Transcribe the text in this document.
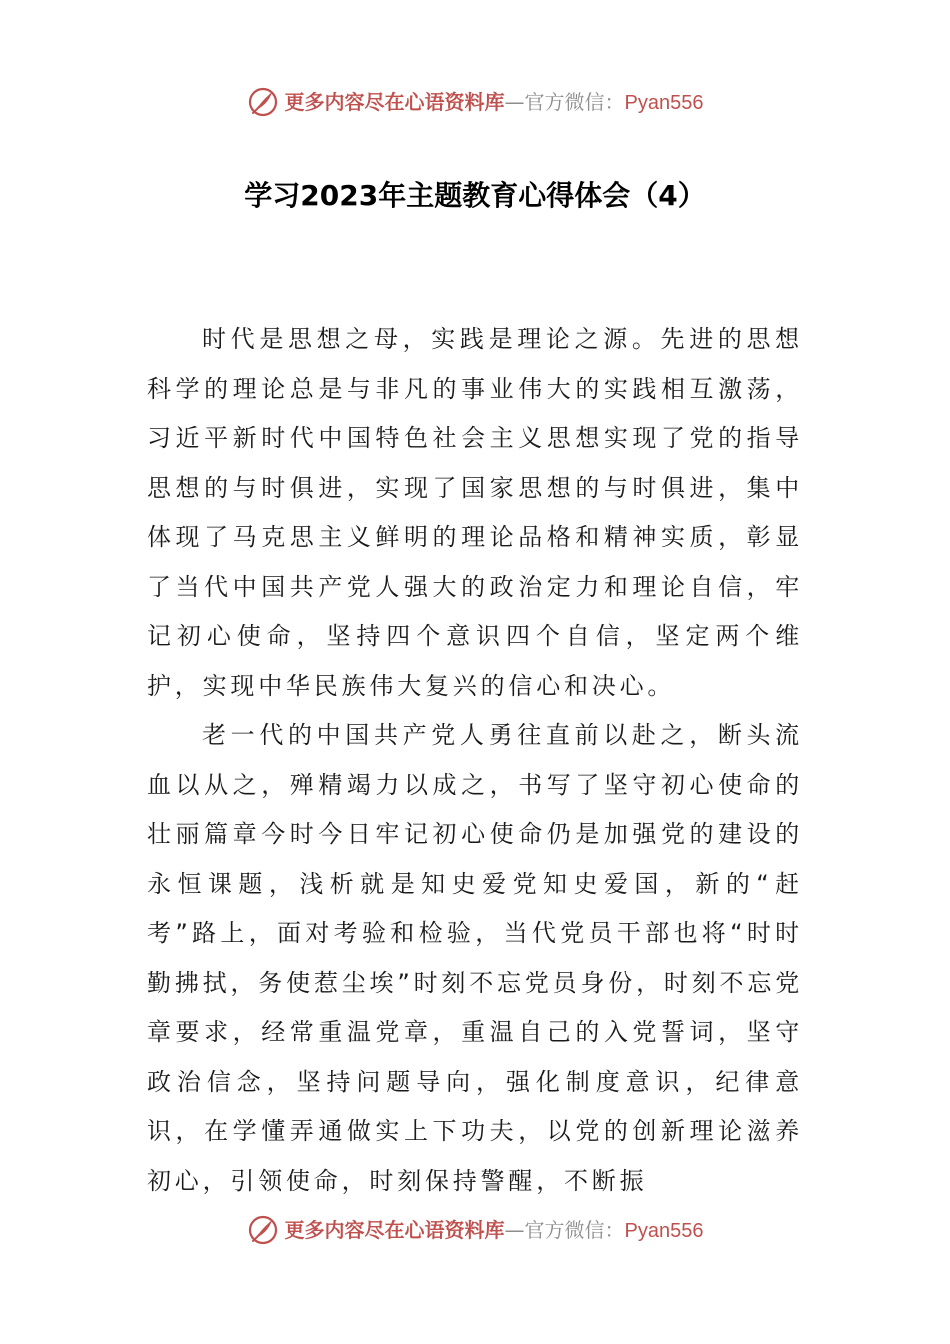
更多内容尽在心语资料库 — 官方微信： Pyan556
学习2023年主题教育心得体会（4）

时代是思想之母，实践是理论之源。先进的思想科学的理论总是与非凡的事业伟大的实践相互激荡，习近平新时代中国特色社会主义思想实现了党的指导思想的与时俱进，实现了国家思想的与时俱进，集中体现了马克思主义鲜明的理论品格和精神实质，彰显了当代中国共产党人强大的政治定力和理论自信，牢记初心使命，坚持四个意识四个自信，坚定两个维护，实现中华民族伟大复兴的信心和决心。

老一代的中国共产党人勇往直前以赴之，断头流血以从之，殚精竭力以成之，书写了坚守初心使命的壮丽篇章今时今日牢记初心使命仍是加强党的建设的永恒课题，浅析就是知史爱党知史爱国，新的“赶考”路上，面对考验和检验，当代党员干部也将“时时勤拂拭，务使惹尘埃”时刻不忘党员身份，时刻不忘党章要求，经常重温党章，重温自己的入党誓词，坚守政治信念，坚持问题导向，强化制度意识，纪律意识，在学懂弄通做实上下功夫，以党的创新理论滋养初心，引领使命，时刻保持警醒，不断振

更多内容尽在心语资料库 — 官方微信： Pyan556
